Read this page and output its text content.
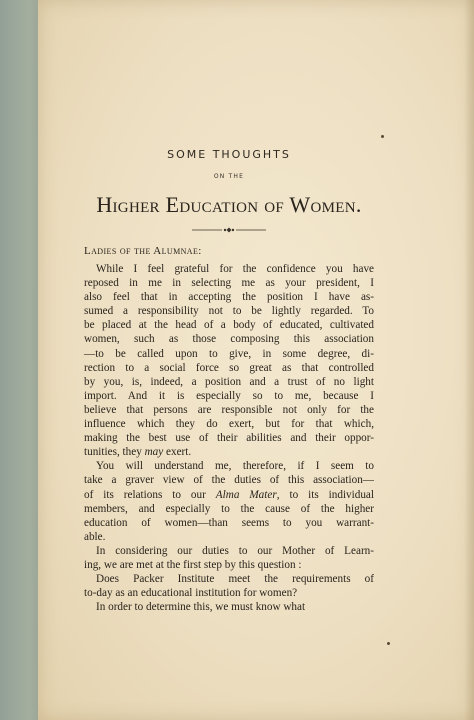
SOME THOUGHTS
ON THE
Higher Education of Women.
Ladies of the Alumnae:

While I feel grateful for the confidence you have
reposed in me in selecting me as your president, I
also feel that in accepting the position I have as-
sumed a responsibility not to be lightly regarded. To
be placed at the head of a body of educated, cultivated
women, such as those composing this association
—to be called upon to give, in some degree, di-
rection to a social force so great as that controlled
by you, is, indeed, a position and a trust of no light
import. And it is especially so to me, because I
believe that persons are responsible not only for the
influence which they do exert, but for that which,
making the best use of their abilities and their oppor-
tunities, they may exert.

You will understand me, therefore, if I seem to
take a graver view of the duties of this association—
of its relations to our Alma Mater, to its individual
members, and especially to the cause of the higher
education of women—than seems to you warrant-
able.

In considering our duties to our Mother of Learn-
ing, we are met at the first step by this question :

Does Packer Institute meet the requirements of
to-day as an educational institution for women?

In order to determine this, we must know what
